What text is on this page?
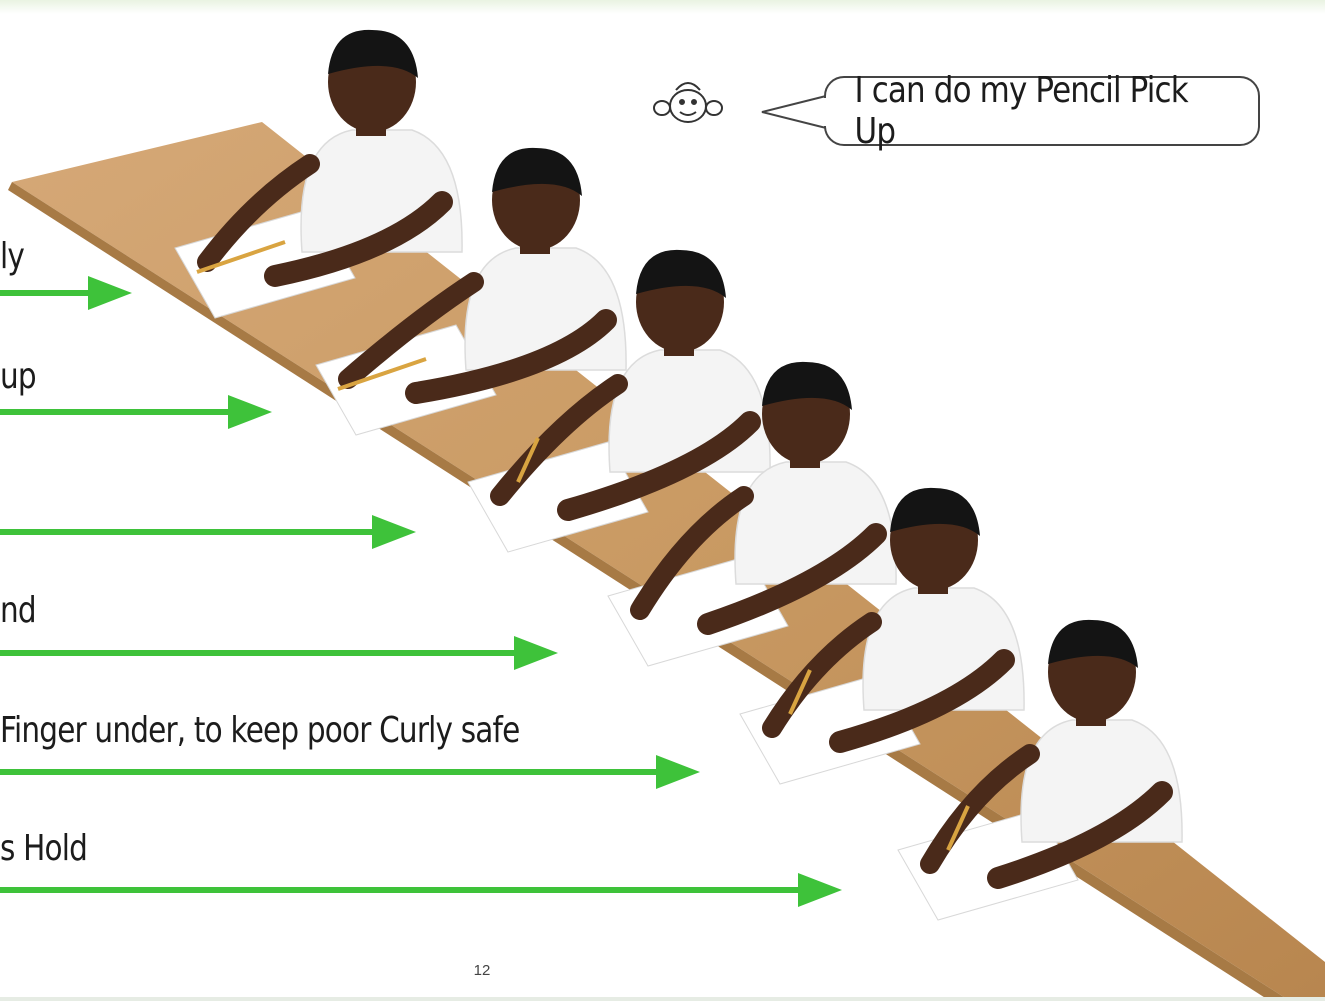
I can do my Pencil Pick Up
ly
up
nd
Finger under, to keep poor Curly safe
s Hold
12
